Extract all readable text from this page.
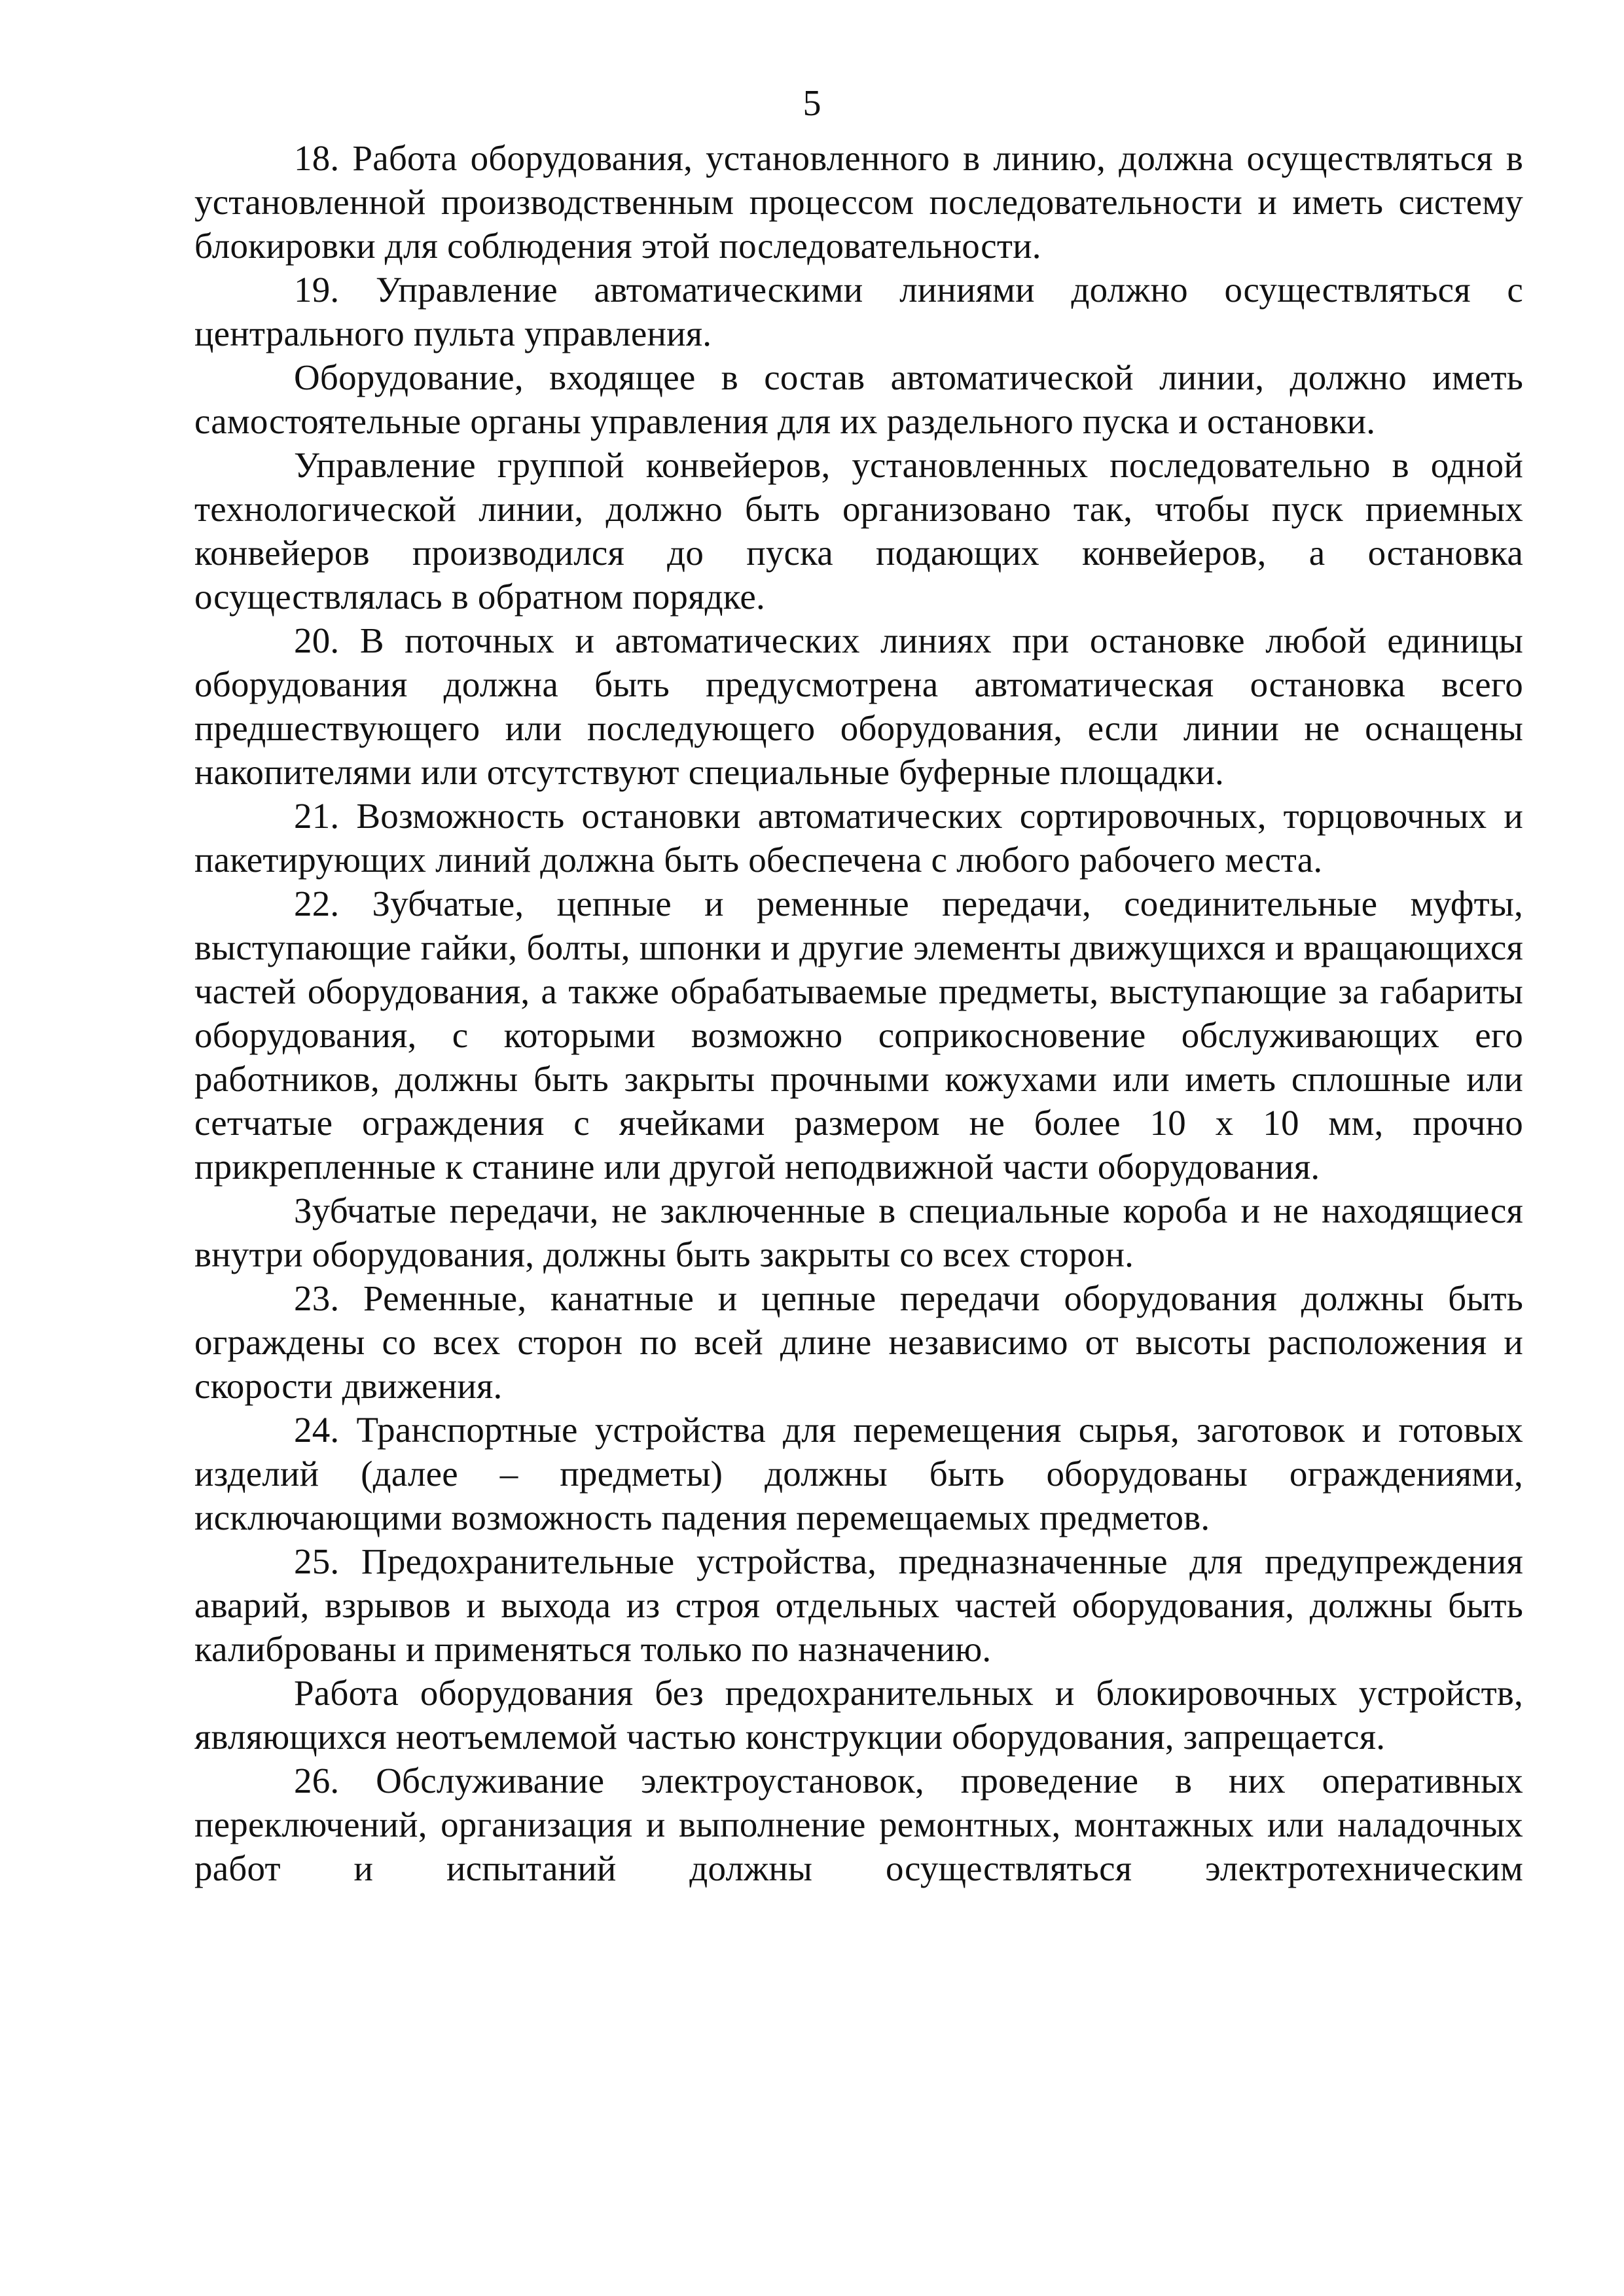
5

18. Работа оборудования, установленного в линию, должна осуществляться в установленной производственным процессом последовательности и иметь систему блокировки для соблюдения этой последовательности.

19. Управление автоматическими линиями должно осуществляться с центрального пульта управления.

Оборудование, входящее в состав автоматической линии, должно иметь самостоятельные органы управления для их раздельного пуска и остановки.

Управление группой конвейеров, установленных последовательно в одной технологической линии, должно быть организовано так, чтобы пуск приемных конвейеров производился до пуска подающих конвейеров, а остановка осуществлялась в обратном порядке.

20. В поточных и автоматических линиях при остановке любой единицы оборудования должна быть предусмотрена автоматическая остановка всего предшествующего или последующего оборудования, если линии не оснащены накопителями или отсутствуют специальные буферные площадки.

21. Возможность остановки автоматических сортировочных, торцовочных и пакетирующих линий должна быть обеспечена с любого рабочего места.

22. Зубчатые, цепные и ременные передачи, соединительные муфты, выступающие гайки, болты, шпонки и другие элементы движущихся и вращающихся частей оборудования, а также обрабатываемые предметы, выступающие за габариты оборудования, с которыми возможно соприкосновение обслуживающих его работников, должны быть закрыты прочными кожухами или иметь сплошные или сетчатые ограждения с ячейками размером не более 10 х 10 мм, прочно прикрепленные к станине или другой неподвижной части оборудования.

Зубчатые передачи, не заключенные в специальные короба и не находящиеся внутри оборудования, должны быть закрыты со всех сторон.

23. Ременные, канатные и цепные передачи оборудования должны быть ограждены со всех сторон по всей длине независимо от высоты расположения и скорости движения.

24. Транспортные устройства для перемещения сырья, заготовок и готовых изделий (далее – предметы) должны быть оборудованы ограждениями, исключающими возможность падения перемещаемых предметов.

25. Предохранительные устройства, предназначенные для предупреждения аварий, взрывов и выхода из строя отдельных частей оборудования, должны быть калиброваны и применяться только по назначению.

Работа оборудования без предохранительных и блокировочных устройств, являющихся неотъемлемой частью конструкции оборудования, запрещается.

26. Обслуживание электроустановок, проведение в них оперативных переключений, организация и выполнение ремонтных, монтажных или наладочных работ и испытаний должны осуществляться электротехническим
